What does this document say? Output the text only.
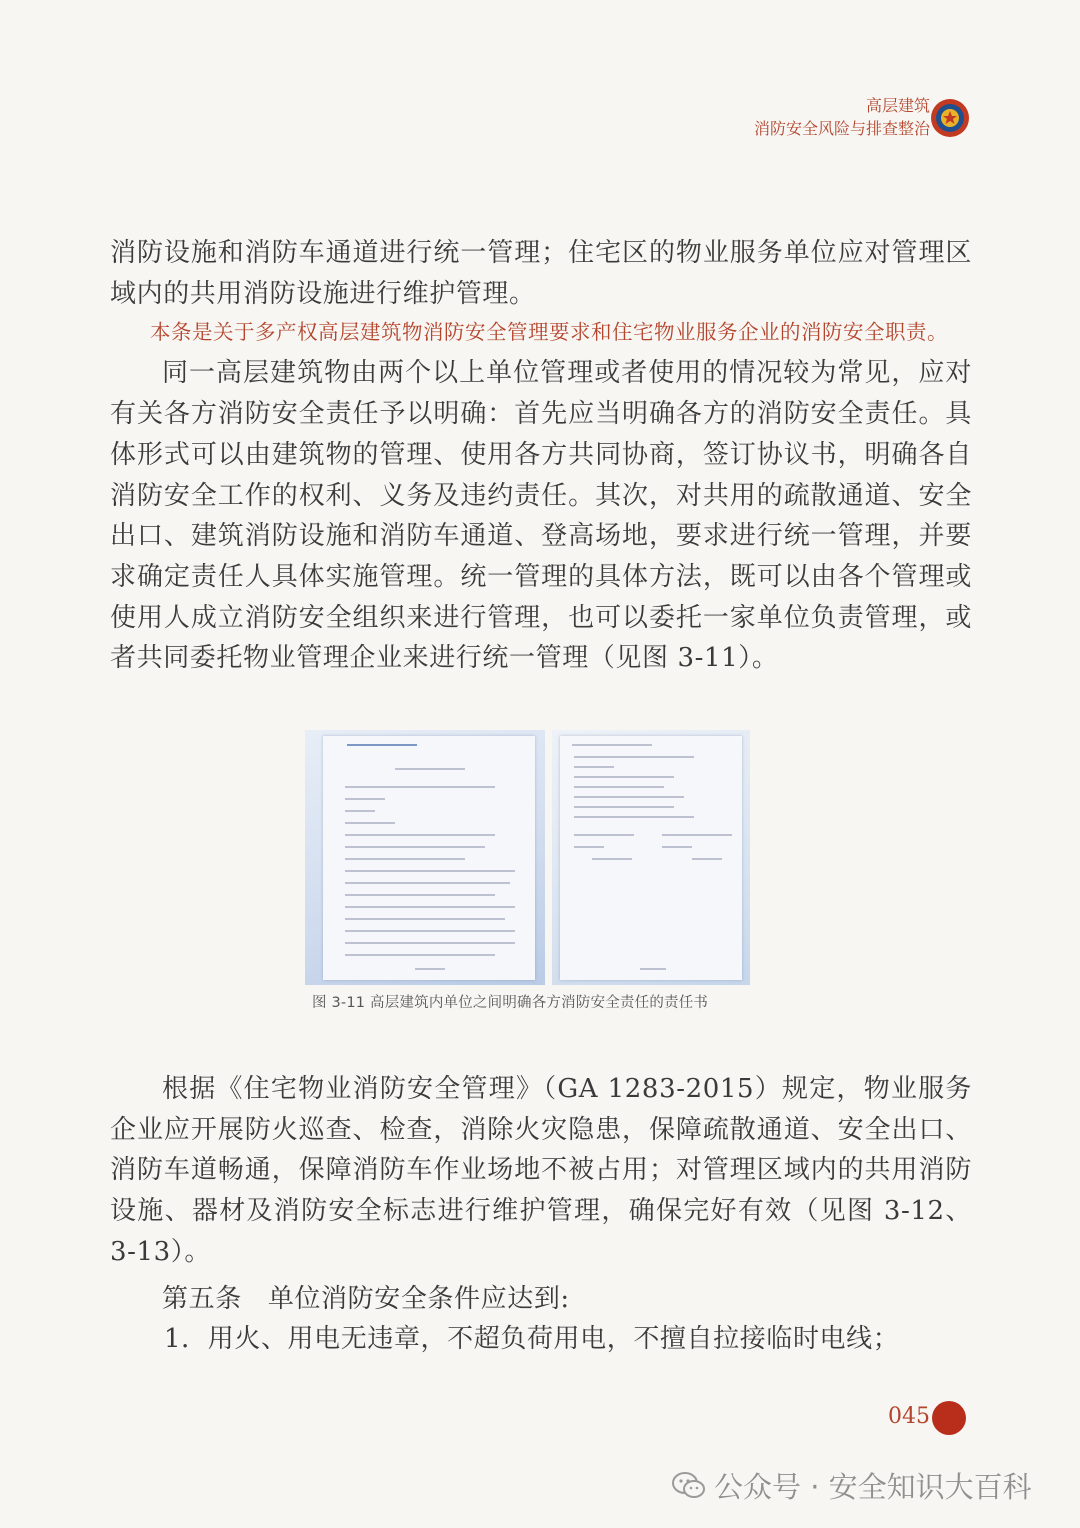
高层建筑
消防安全风险与排查整治

消防设施和消防车通道进行统一管理；住宅区的物业服务单位应对管理区域内的共用消防设施进行维护管理。

本条是关于多产权高层建筑物消防安全管理要求和住宅物业服务企业的消防安全职责。

同一高层建筑物由两个以上单位管理或者使用的情况较为常见，应对有关各方消防安全责任予以明确：首先应当明确各方的消防安全责任。具体形式可以由建筑物的管理、使用各方共同协商，签订协议书，明确各自消防安全工作的权利、义务及违约责任。其次，对共用的疏散通道、安全出口、建筑消防设施和消防车通道、登高场地，要求进行统一管理，并要求确定责任人具体实施管理。统一管理的具体方法，既可以由各个管理或使用人成立消防安全组织来进行管理，也可以委托一家单位负责管理，或者共同委托物业管理企业来进行统一管理（见图 3-11）。

图 3-11 高层建筑内单位之间明确各方消防安全责任的责任书

根据《住宅物业消防安全管理》（GA 1283-2015）规定，物业服务企业应开展防火巡查、检查，消除火灾隐患，保障疏散通道、安全出口、消防车道畅通，保障消防车作业场地不被占用；对管理区域内的共用消防设施、器材及消防安全标志进行维护管理，确保完好有效（见图 3-12、3-13）。

第五条 单位消防安全条件应达到:

1．用火、用电无违章，不超负荷用电，不擅自拉接临时电线；

045
公众号 · 安全知识大百科
